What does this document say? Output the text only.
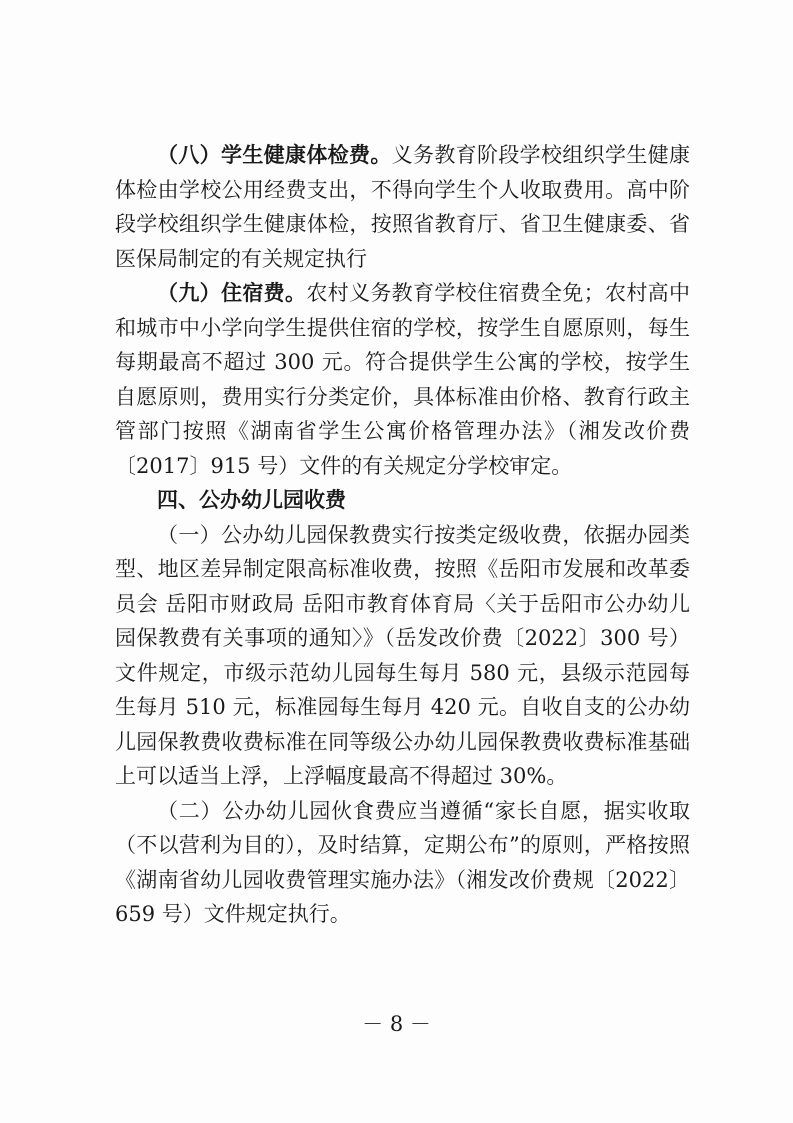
（八）学生健康体检费。义务教育阶段学校组织学生健康体检由学校公用经费支出，不得向学生个人收取费用。高中阶段学校组织学生健康体检，按照省教育厅、省卫生健康委、省医保局制定的有关规定执行

（九）住宿费。农村义务教育学校住宿费全免；农村高中和城市中小学向学生提供住宿的学校，按学生自愿原则，每生每期最高不超过 300 元。符合提供学生公寓的学校，按学生自愿原则，费用实行分类定价，具体标准由价格、教育行政主管部门按照《湖南省学生公寓价格管理办法》（湘发改价费〔2017〕915 号）文件的有关规定分学校审定。

四、公办幼儿园收费

（一）公办幼儿园保教费实行按类定级收费，依据办园类型、地区差异制定限高标准收费，按照《岳阳市发展和改革委员会 岳阳市财政局 岳阳市教育体育局〈关于岳阳市公办幼儿园保教费有关事项的通知〉》（岳发改价费〔2022〕300 号）文件规定，市级示范幼儿园每生每月 580 元，县级示范园每生每月 510 元，标准园每生每月 420 元。自收自支的公办幼儿园保教费收费标准在同等级公办幼儿园保教费收费标准基础上可以适当上浮，上浮幅度最高不得超过 30%。

（二）公办幼儿园伙食费应当遵循“家长自愿，据实收取（不以营利为目的），及时结算，定期公布”的原则，严格按照《湖南省幼儿园收费管理实施办法》（湘发改价费规〔2022〕659 号）文件规定执行。

－ 8 －
